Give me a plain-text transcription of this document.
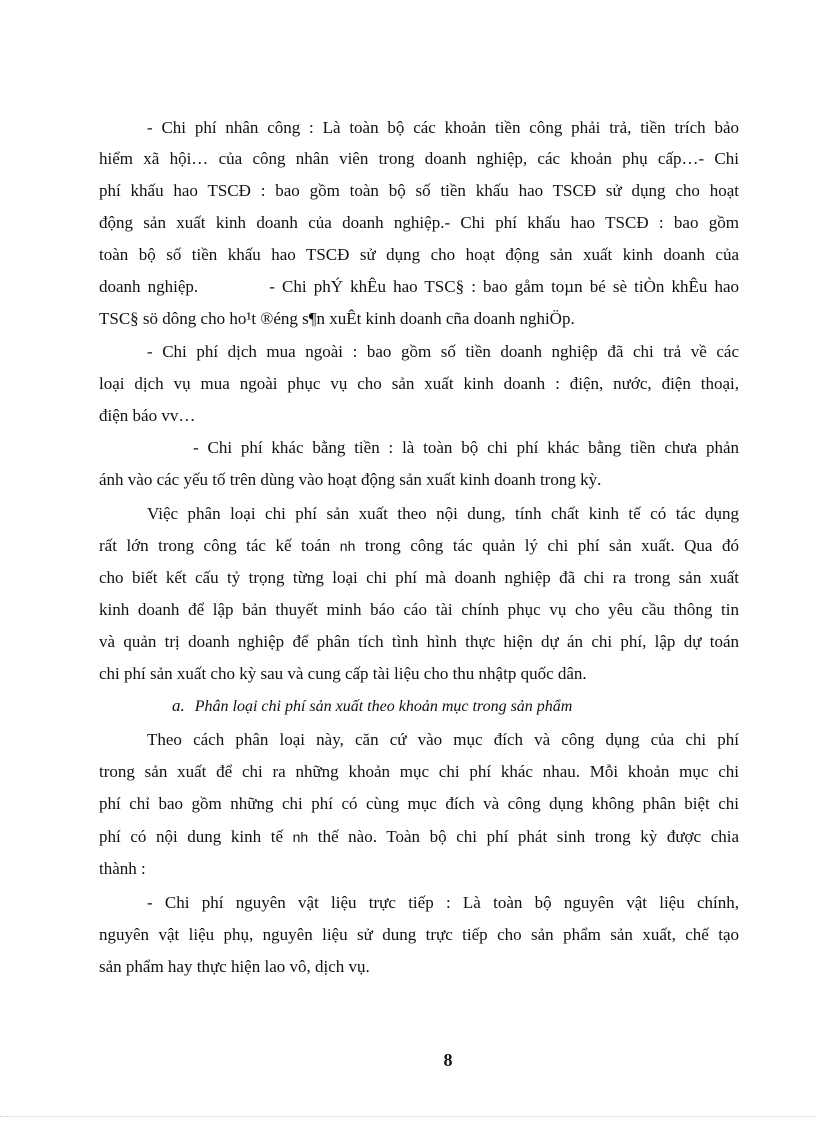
- Chi phí nhân công : Là toàn bộ các khoản tiền công phải trả, tiền trích bảo
hiểm xã hội… của công nhân viên trong doanh nghiệp, các khoản phụ cấp…- Chi
phí khấu hao TSCĐ : bao gồm toàn bộ số tiền khấu hao TSCĐ sử dụng cho hoạt
động sản xuất kinh doanh của doanh nghiệp.- Chi phí khấu hao TSCĐ : bao gồm
toàn bộ số tiền khấu hao TSCĐ sử dụng cho hoạt động sản xuất kinh doanh của
doanh nghiệp.          - Chi phÝ khÊu hao TSC§ : bao gåm toµn bé sè tiÒn khÊu hao
TSC§ sö dông cho ho¹t ®éng s¶n xuÊt kinh doanh cña doanh nghiÖp.
- Chi phí dịch mua ngoài : bao gồm số tiền doanh nghiệp đã chi trả về các
loại dịch vụ mua ngoài phục vụ cho sản xuất kinh doanh : điện, nước, điện thoại,
điện báo vv…
- Chi phí khác bằng tiền : là toàn bộ chi phí khác bằng tiền chưa phản
ánh vào các yếu tố trên dùng vào hoạt động sản xuất kinh doanh trong kỳ.
Việc phân loại chi phí sản xuất theo nội dung, tính chất kinh tế có tác dụng
rất lớn trong công tác kế toán nh trong công tác quản lý chi phí sản xuất. Qua đó
cho biết kết cấu tỷ trọng từng loại chi phí mà doanh nghiệp đã chi ra trong sản xuất
kinh doanh để lập bản thuyết minh báo cáo tài chính phục vụ cho yêu cầu thông tin
và quản trị doanh nghiệp để phân tích tình hình thực hiện dự án chi phí, lập dự toán
chi phí sản xuất cho kỳ sau và cung cấp tài liệu cho thu nhậtp quốc dân.
a. Phân loại chi phí sản xuất theo khoản mục trong sản phẩm
Theo cách phân loại này, căn cứ vào mục đích và công dụng của chi phí
trong sản xuất để chi ra những khoản mục chi phí khác nhau. Mỗi khoản mục chi
phí chỉ bao gồm những chi phí có cùng mục đích và công dụng không phân biệt chi
phí có nội dung kinh tế nh thế nào. Toàn bộ chi phí phát sinh trong kỳ được chia
thành :
- Chi phí nguyên vật liệu trực tiếp : Là toàn bộ nguyên vật liệu chính,
nguyên vật liệu phụ, nguyên liệu sử dung trực tiếp cho sản phẩm sản xuất, chế tạo
sản phẩm hay thực hiện lao vô, dịch vụ.
8
